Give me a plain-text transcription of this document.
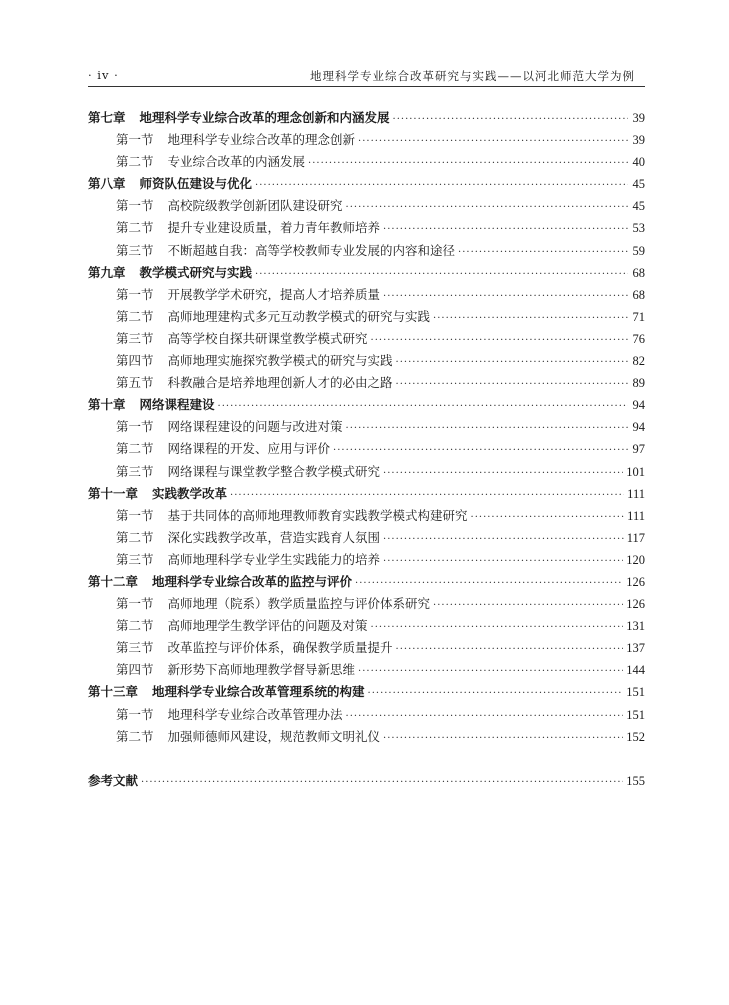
· iv ·	地理科学专业综合改革研究与实践——以河北师范大学为例
第七章 地理科学专业综合改革的理念创新和内涵发展 ·····	39
第一节 地理科学专业综合改革的理念创新 ·····	39
第二节 专业综合改革的内涵发展 ·····	40
第八章 师资队伍建设与优化 ·····	45
第一节 高校院级教学创新团队建设研究 ·····	45
第二节 提升专业建设质量，着力青年教师培养 ·····	53
第三节 不断超越自我：高等学校教师专业发展的内容和途径 ·····	59
第九章 教学模式研究与实践 ·····	68
第一节 开展教学学术研究，提高人才培养质量 ·····	68
第二节 高师地理建构式多元互动教学模式的研究与实践 ·····	71
第三节 高等学校自探共研课堂教学模式研究 ·····	76
第四节 高师地理实施探究教学模式的研究与实践 ·····	82
第五节 科教融合是培养地理创新人才的必由之路 ·····	89
第十章 网络课程建设 ·····	94
第一节 网络课程建设的问题与改进对策 ·····	94
第二节 网络课程的开发、应用与评价 ·····	97
第三节 网络课程与课堂教学整合教学模式研究 ·····	101
第十一章 实践教学改革 ·····	111
第一节 基于共同体的高师地理教师教育实践教学模式构建研究 ·····	111
第二节 深化实践教学改革，营造实践育人氛围 ·····	117
第三节 高师地理科学专业学生实践能力的培养 ·····	120
第十二章 地理科学专业综合改革的监控与评价 ·····	126
第一节 高师地理（院系）教学质量监控与评价体系研究 ·····	126
第二节 高师地理学生教学评估的问题及对策 ·····	131
第三节 改革监控与评价体系，确保教学质量提升 ·····	137
第四节 新形势下高师地理教学督导新思维 ·····	144
第十三章 地理科学专业综合改革管理系统的构建 ·····	151
第一节 地理科学专业综合改革管理办法 ·····	151
第二节 加强师德师风建设，规范教师文明礼仪 ·····	152
参考文献 ·····	155
